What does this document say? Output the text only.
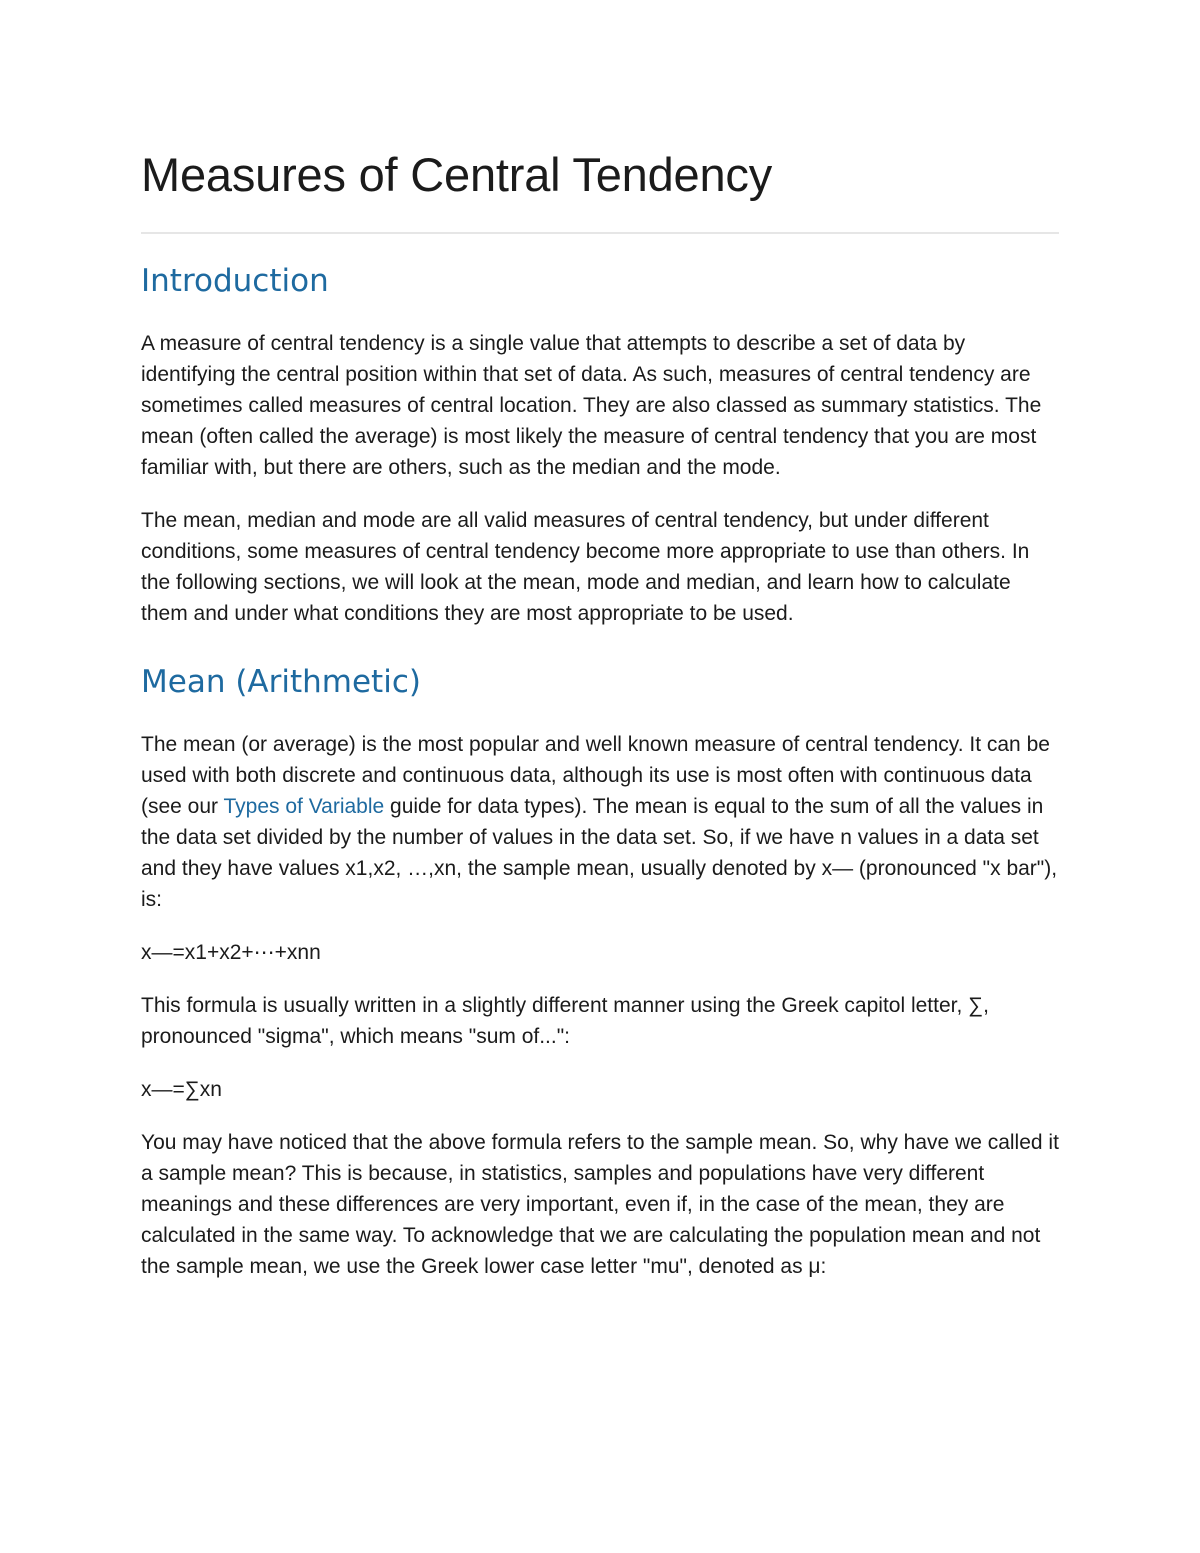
Measures of Central Tendency
Introduction

A measure of central tendency is a single value that attempts to describe a set of data by identifying the central position within that set of data. As such, measures of central tendency are sometimes called measures of central location. They are also classed as summary statistics. The mean (often called the average) is most likely the measure of central tendency that you are most familiar with, but there are others, such as the median and the mode.

The mean, median and mode are all valid measures of central tendency, but under different conditions, some measures of central tendency become more appropriate to use than others. In the following sections, we will look at the mean, mode and median, and learn how to calculate them and under what conditions they are most appropriate to be used.

Mean (Arithmetic)

The mean (or average) is the most popular and well known measure of central tendency. It can be used with both discrete and continuous data, although its use is most often with continuous data (see our Types of Variable guide for data types). The mean is equal to the sum of all the values in the data set divided by the number of values in the data set. So, if we have n values in a data set and they have values x1,x2, …,xn, the sample mean, usually denoted by x— (pronounced "x bar"), is:

x—=x1+x2+⋯+xnn

This formula is usually written in a slightly different manner using the Greek capitol letter, ∑, pronounced "sigma", which means "sum of...":

x—=∑xn

You may have noticed that the above formula refers to the sample mean. So, why have we called it a sample mean? This is because, in statistics, samples and populations have very different meanings and these differences are very important, even if, in the case of the mean, they are calculated in the same way. To acknowledge that we are calculating the population mean and not the sample mean, we use the Greek lower case letter "mu", denoted as μ:
